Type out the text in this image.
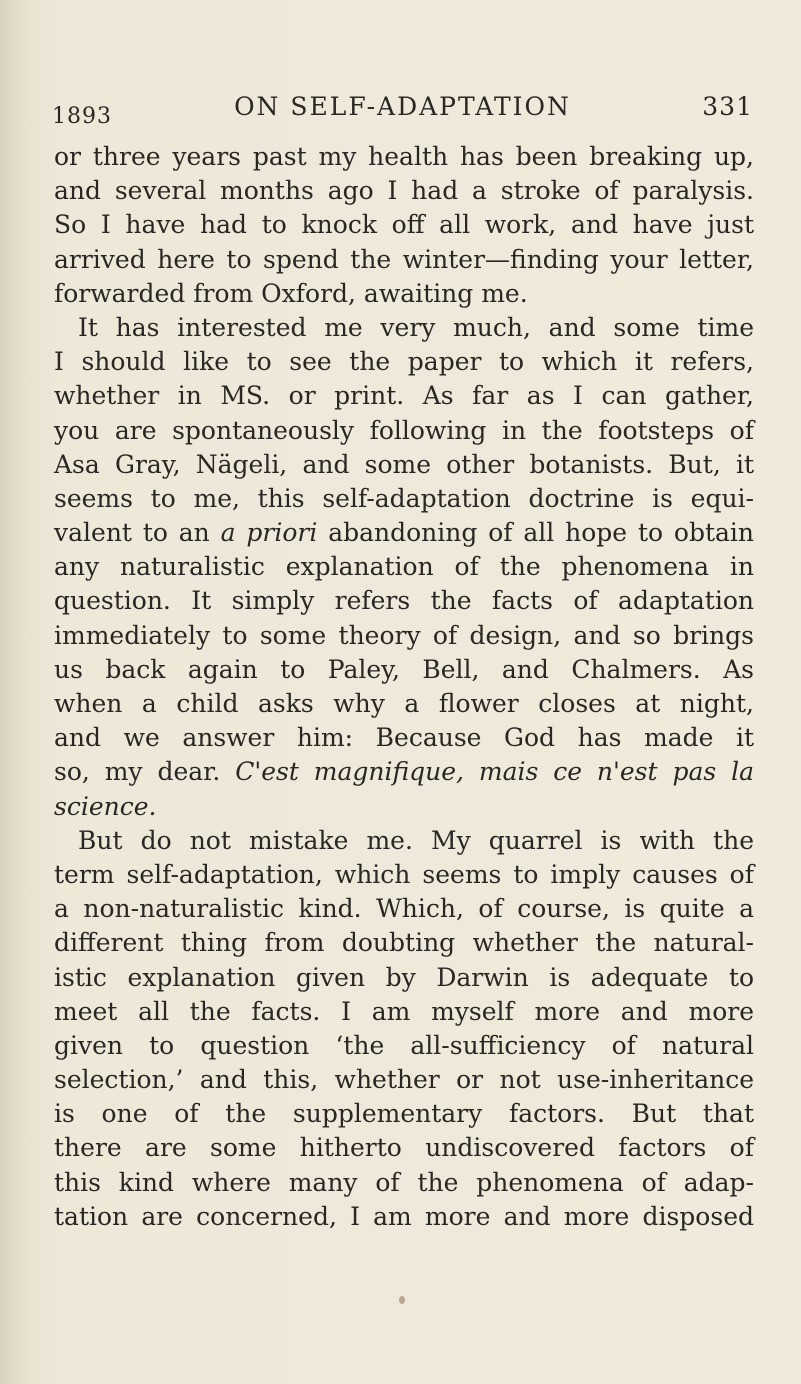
1893	ON SELF-ADAPTATION	331
or three years past my health has been breaking up,
and several months ago I had a stroke of paralysis.
So I have had to knock off all work, and have just
arrived here to spend the winter—finding your letter,
forwarded from Oxford, awaiting me.
It has interested me very much, and some time
I should like to see the paper to which it refers,
whether in MS. or print. As far as I can gather,
you are spontaneously following in the footsteps of
Asa Gray, Nägeli, and some other botanists. But, it
seems to me, this self-adaptation doctrine is equi-
valent to an a priori abandoning of all hope to obtain
any naturalistic explanation of the phenomena in
question. It simply refers the facts of adaptation
immediately to some theory of design, and so brings
us back again to Paley, Bell, and Chalmers. As
when a child asks why a flower closes at night,
and we answer him: Because God has made it
so, my dear. C'est magnifique, mais ce n'est pas la
science.
But do not mistake me. My quarrel is with the
term self-adaptation, which seems to imply causes of
a non-naturalistic kind. Which, of course, is quite a
different thing from doubting whether the natural-
istic explanation given by Darwin is adequate to
meet all the facts. I am myself more and more
given to question ‘the all-sufficiency of natural
selection,’ and this, whether or not use-inheritance
is one of the supplementary factors. But that
there are some hitherto undiscovered factors of
this kind where many of the phenomena of adap-
tation are concerned, I am more and more disposed
